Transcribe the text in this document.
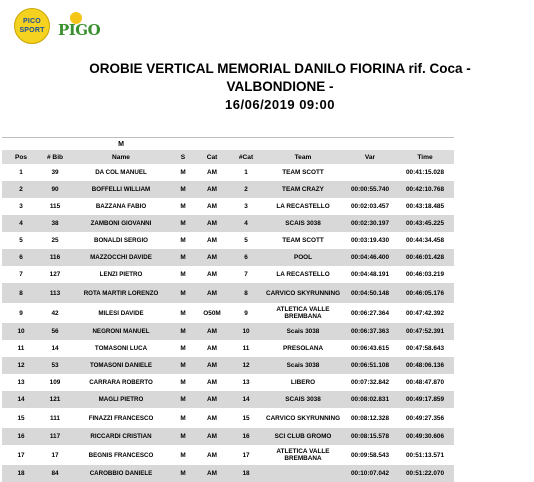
PICO
SPORT PIGO
OROBIE VERTICAL MEMORIAL DANILO FIORINA rif. Coca -
VALBONDIONE -
16/06/2019 09:00
		M						
Pos	# Bib	Name	S	Cat	#Cat	Team	Var	Time
1	39	DA COL MANUEL	M	AM	1	TEAM SCOTT		00:41:15.028
2	90	BOFFELLI WILLIAM	M	AM	2	TEAM CRAZY	00:00:55.740	00:42:10.768
3	115	BAZZANA FABIO	M	AM	3	LA RECASTELLO	00:02:03.457	00:43:18.485
4	38	ZAMBONI GIOVANNI	M	AM	4	SCAIS 3038	00:02:30.197	00:43:45.225
5	25	BONALDI SERGIO	M	AM	5	TEAM SCOTT	00:03:19.430	00:44:34.458
6	116	MAZZOCCHI DAVIDE	M	AM	6	POOL	00:04:46.400	00:46:01.428
7	127	LENZI PIETRO	M	AM	7	LA RECASTELLO	00:04:48.191	00:46:03.219
8	113	ROTA MARTIR LORENZO	M	AM	8	CARVICO SKYRUNNING	00:04:50.148	00:46:05.176
9	42	MILESI DAVIDE	M	O50M	9	ATLETICA VALLE BREMBANA	00:06:27.364	00:47:42.392
10	56	NEGRONI MANUEL	M	AM	10	Scais 3038	00:06:37.363	00:47:52.391
11	14	TOMASONI LUCA	M	AM	11	PRESOLANA	00:06:43.615	00:47:58.643
12	53	TOMASONI DANIELE	M	AM	12	Scais 3038	00:06:51.108	00:48:06.136
13	109	CARRARA ROBERTO	M	AM	13	LIBERO	00:07:32.842	00:48:47.870
14	121	MAGLI PIETRO	M	AM	14	SCAIS 3038	00:08:02.831	00:49:17.859
15	111	FINAZZI FRANCESCO	M	AM	15	CARVICO SKYRUNNING	00:08:12.328	00:49:27.356
16	117	RICCARDI CRISTIAN	M	AM	16	SCI CLUB GROMO	00:08:15.578	00:49:30.606
17	17	BEGNIS FRANCESCO	M	AM	17	ATLETICA VALLE BREMBANA	00:09:58.543	00:51:13.571
18	84	CAROBBIO DANIELE	M	AM	18		00:10:07.042	00:51:22.070
